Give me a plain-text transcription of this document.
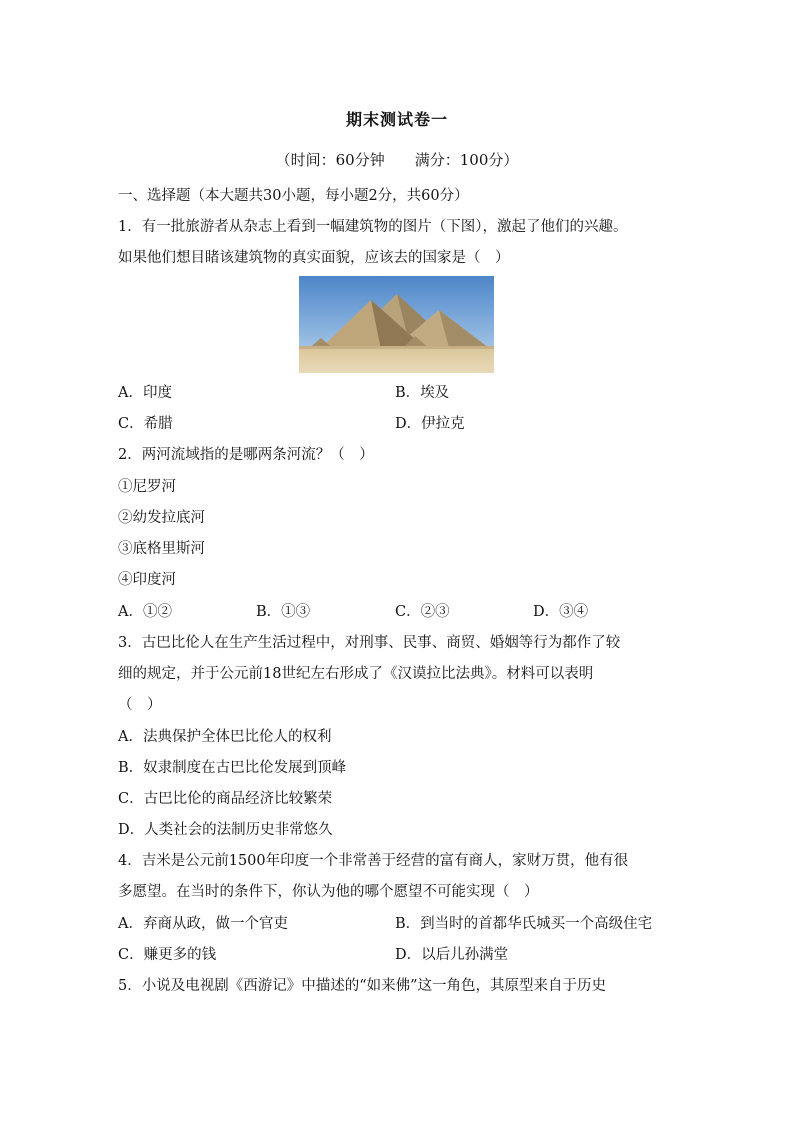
期末测试卷一
（时间：60分钟　　满分：100分）
一、选择题（本大题共30小题，每小题2分，共60分）
1．有一批旅游者从杂志上看到一幅建筑物的图片（下图），激起了他们的兴趣。
如果他们想目睹该建筑物的真实面貌，应该去的国家是（　）
A．印度	B．埃及
C．希腊	D．伊拉克
2．两河流域指的是哪两条河流？（　）
①尼罗河
②幼发拉底河
③底格里斯河
④印度河
A．①②	B．①③	C．②③	D．③④
3．古巴比伦人在生产生活过程中，对刑事、民事、商贸、婚姻等行为都作了较
细的规定，并于公元前18世纪左右形成了《汉谟拉比法典》。材料可以表明
（　）
A．法典保护全体巴比伦人的权利
B．奴隶制度在古巴比伦发展到顶峰
C．古巴比伦的商品经济比较繁荣
D．人类社会的法制历史非常悠久
4．吉米是公元前1500年印度一个非常善于经营的富有商人，家财万贯，他有很
多愿望。在当时的条件下，你认为他的哪个愿望不可能实现（　）
A．弃商从政，做一个官吏	B．到当时的首都华氏城买一个高级住宅
C．赚更多的钱	D．以后儿孙满堂
5．小说及电视剧《西游记》中描述的“如来佛”这一角色，其原型来自于历史
